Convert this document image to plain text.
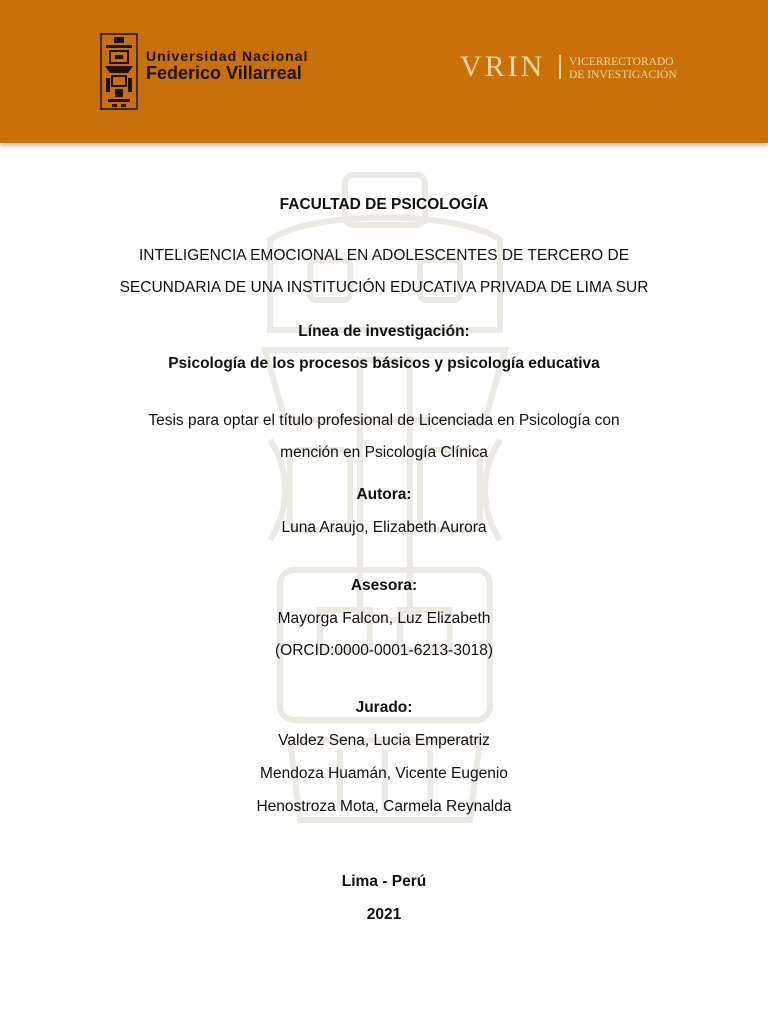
Universidad Nacional
Federico Villarreal	VRIN VICERRECTORADO
DE INVESTIGACIÓN
FACULTAD DE PSICOLOGÍA
INTELIGENCIA EMOCIONAL EN ADOLESCENTES DE TERCERO DE
SECUNDARIA DE UNA INSTITUCIÓN EDUCATIVA PRIVADA DE LIMA SUR
Línea de investigación:
Psicología de los procesos básicos y psicología educativa
Tesis para optar el título profesional de Licenciada en Psicología con
mención en Psicología Clínica
Autora:
Luna Araujo, Elizabeth Aurora
Asesora:
Mayorga Falcon, Luz Elizabeth
(ORCID:0000-0001-6213-3018)
Jurado:
Valdez Sena, Lucia Emperatriz
Mendoza Huamán, Vicente Eugenio
Henostroza Mota, Carmela Reynalda
Lima - Perú
2021
